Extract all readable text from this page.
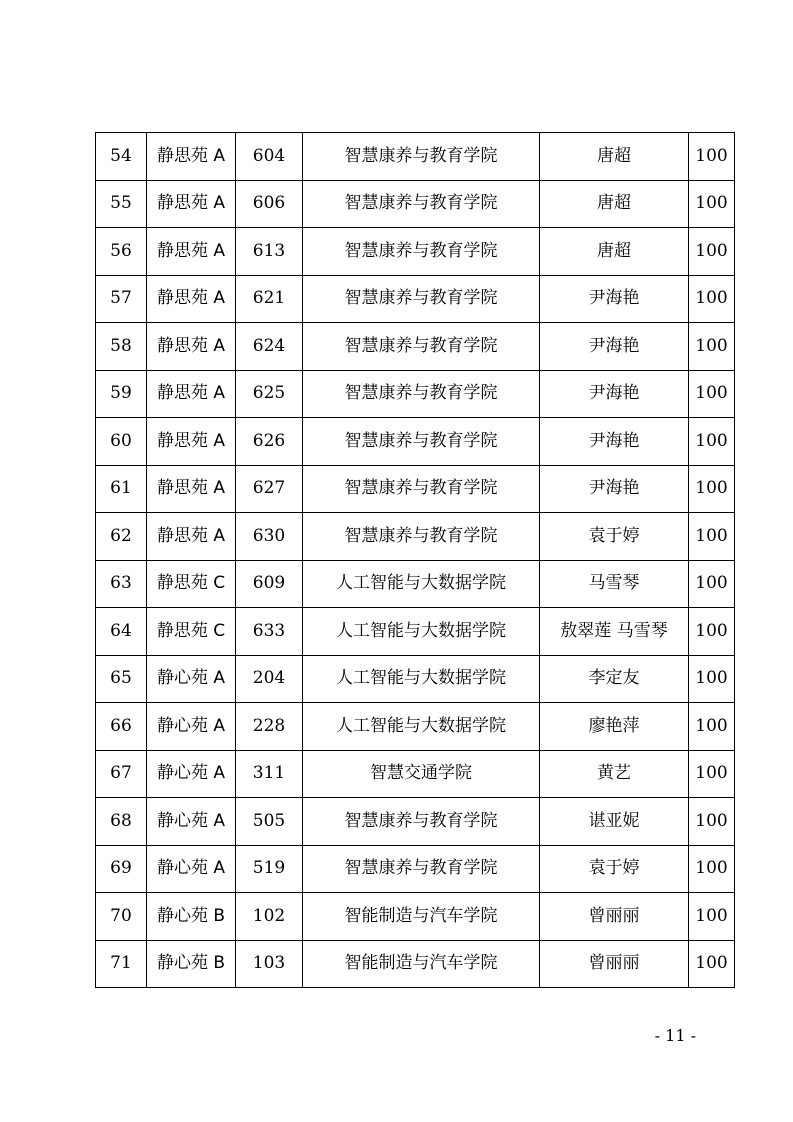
54	静思苑 A	604	智慧康养与教育学院	唐超	100
55	静思苑 A	606	智慧康养与教育学院	唐超	100
56	静思苑 A	613	智慧康养与教育学院	唐超	100
57	静思苑 A	621	智慧康养与教育学院	尹海艳	100
58	静思苑 A	624	智慧康养与教育学院	尹海艳	100
59	静思苑 A	625	智慧康养与教育学院	尹海艳	100
60	静思苑 A	626	智慧康养与教育学院	尹海艳	100
61	静思苑 A	627	智慧康养与教育学院	尹海艳	100
62	静思苑 A	630	智慧康养与教育学院	袁于婷	100
63	静思苑 C	609	人工智能与大数据学院	马雪琴	100
64	静思苑 C	633	人工智能与大数据学院	敖翠莲 马雪琴	100
65	静心苑 A	204	人工智能与大数据学院	李定友	100
66	静心苑 A	228	人工智能与大数据学院	廖艳萍	100
67	静心苑 A	311	智慧交通学院	黄艺	100
68	静心苑 A	505	智慧康养与教育学院	谌亚妮	100
69	静心苑 A	519	智慧康养与教育学院	袁于婷	100
70	静心苑 B	102	智能制造与汽车学院	曾丽丽	100
71	静心苑 B	103	智能制造与汽车学院	曾丽丽	100
- 11 -
